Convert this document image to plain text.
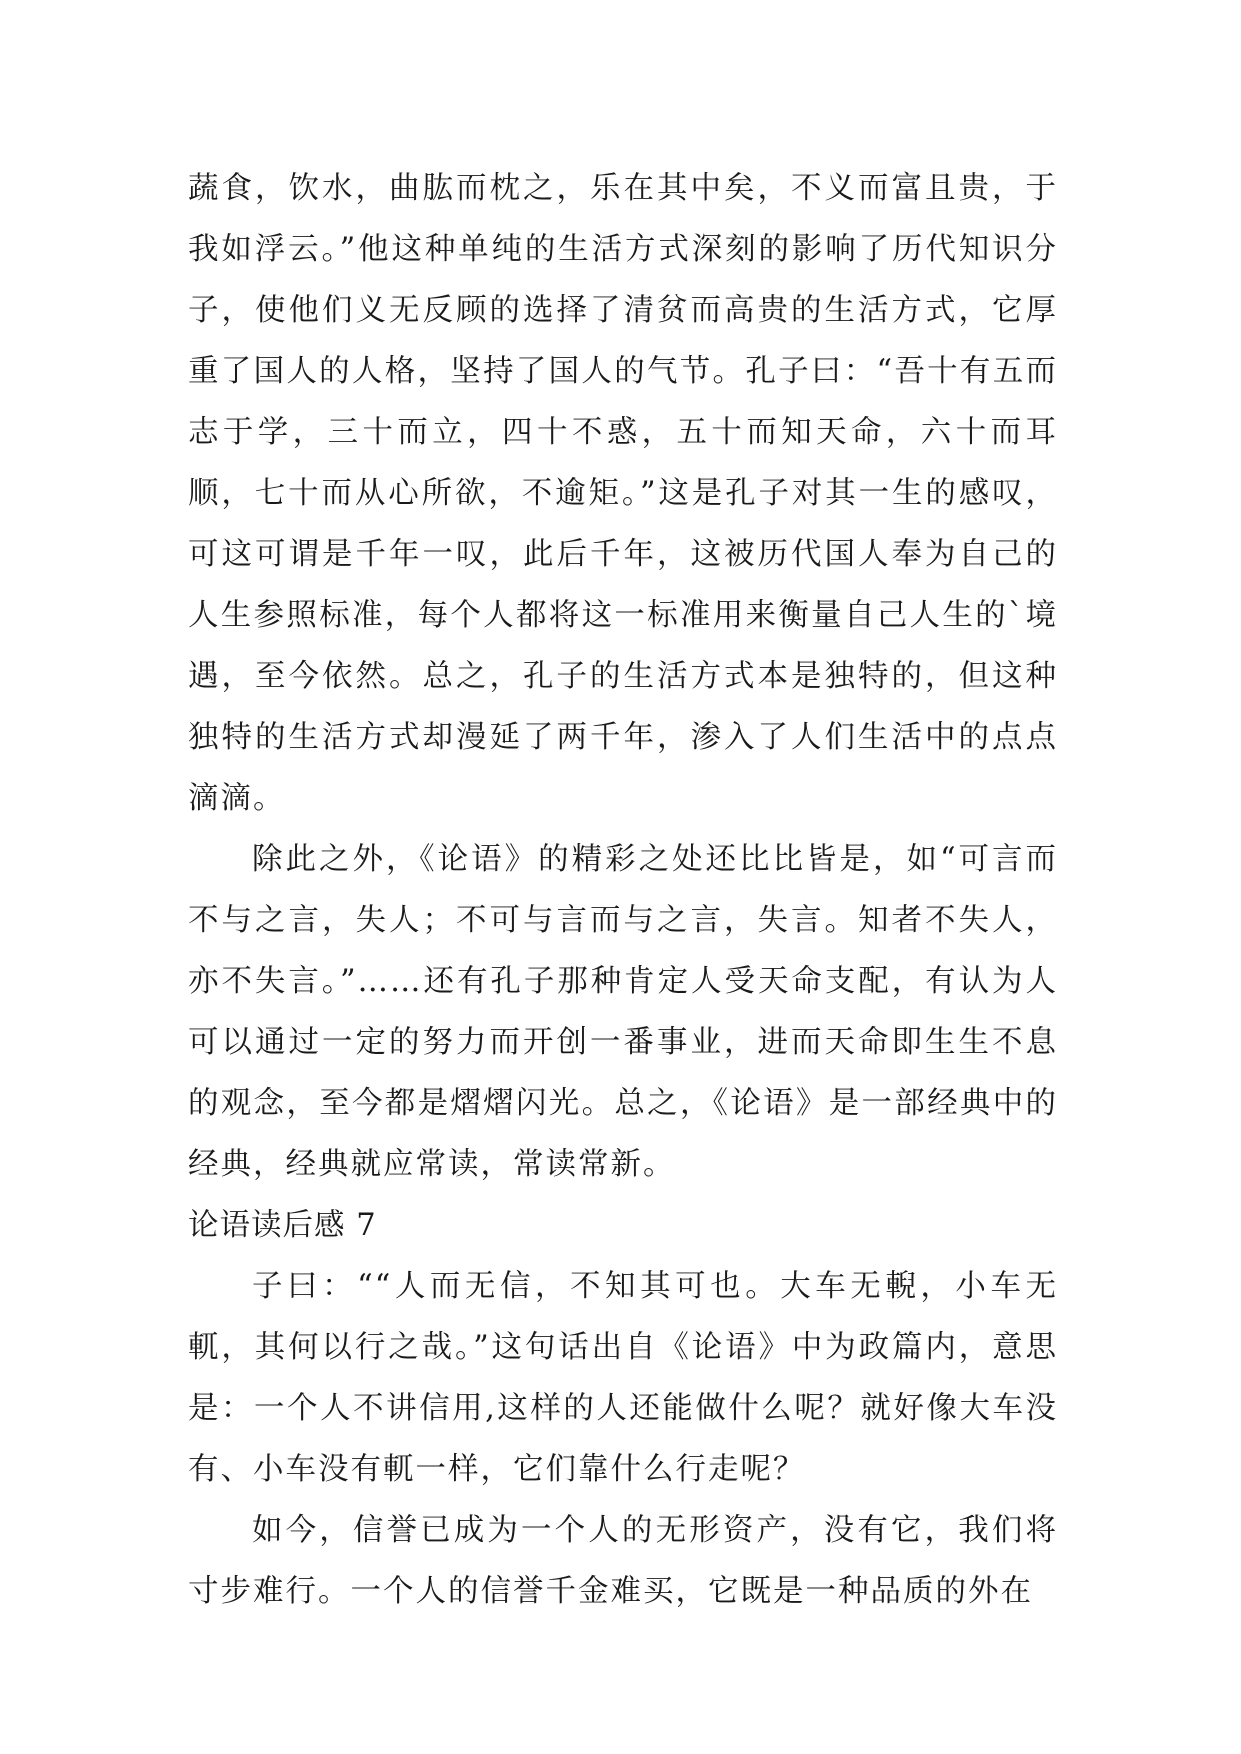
蔬食，饮水，曲肱而枕之，乐在其中矣，不义而富且贵，于我如浮云。”他这种单纯的生活方式深刻的影响了历代知识分子，使他们义无反顾的选择了清贫而高贵的生活方式，它厚重了国人的人格，坚持了国人的气节。孔子曰：“吾十有五而志于学，三十而立，四十不惑，五十而知天命，六十而耳顺，七十而从心所欲，不逾矩。”这是孔子对其一生的感叹，可这可谓是千年一叹，此后千年，这被历代国人奉为自己的人生参照标准，每个人都将这一标准用来衡量自己人生的`境遇，至今依然。总之，孔子的生活方式本是独特的，但这种独特的生活方式却漫延了两千年，渗入了人们生活中的点点滴滴。

除此之外，《论语》的精彩之处还比比皆是，如“可言而不与之言，失人；不可与言而与之言，失言。知者不失人，亦不失言。”……还有孔子那种肯定人受天命支配，有认为人可以通过一定的努力而开创一番事业，进而天命即生生不息的观念，至今都是熠熠闪光。总之，《论语》是一部经典中的经典，经典就应常读，常读常新。

论语读后感 7

子曰：““人而无信，不知其可也。大车无輗，小车无軏，其何以行之哉。”这句话出自《论语》中为政篇内，意思是：一个人不讲信用,这样的人还能做什么呢？就好像大车没有、小车没有軏一样，它们靠什么行走呢？

如今，信誉已成为一个人的无形资产，没有它，我们将寸步难行。一个人的信誉千金难买，它既是一种品质的外在
